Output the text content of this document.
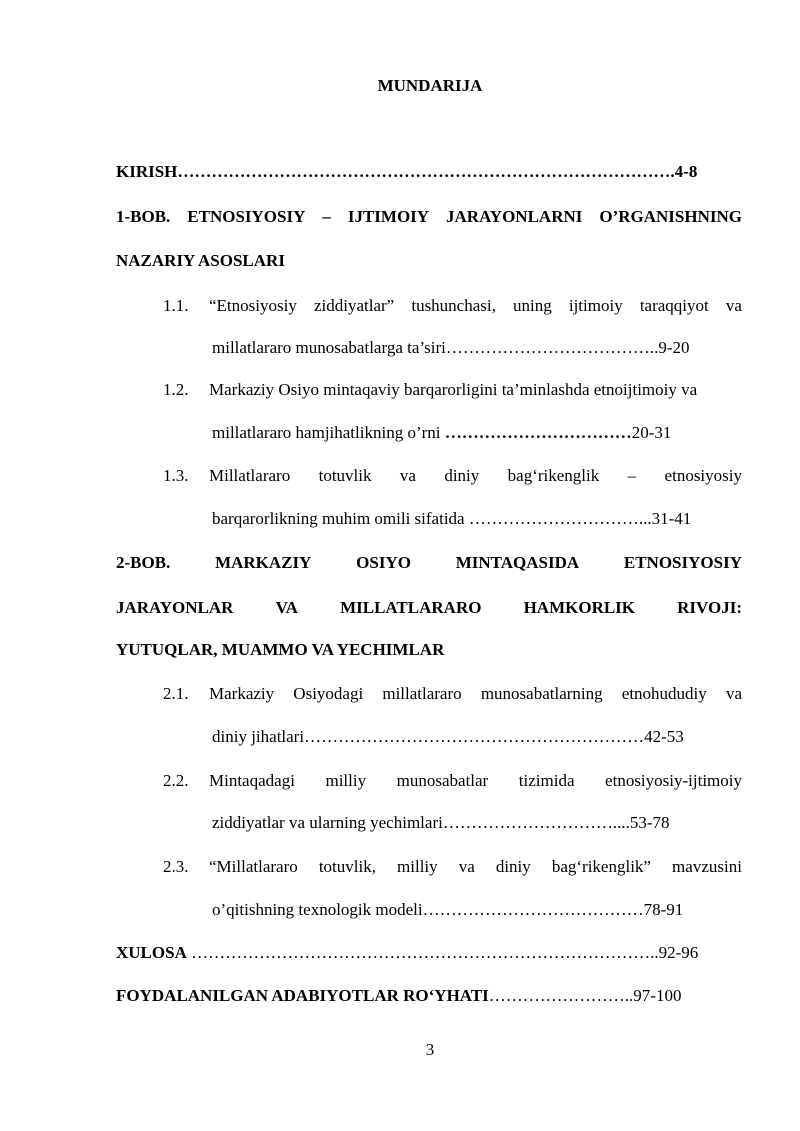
MUNDARIJA
KIRISH…………………………………………………………………………….4-8
1-BOB. ETNOSIYOSIY – IJTIMOIY JARAYONLARNI O’RGANISHNING
NAZARIY ASOSLARI
1.1. “Etnosiyosiy ziddiyatlar” tushunchasi, uning ijtimoiy taraqqiyot va
millatlararo munosabatlarga ta’siri………………………………..9-20
1.2. Markaziy Osiyo mintaqaviy barqarorligini ta’minlashda etnoijtimoiy va
millatlararo hamjihatlikning o’rni ……………………………20-31
1.3. Millatlararo totuvlik va diniy bag‘rikenglik – etnosiyosiy
barqarorlikning muhim omili sifatida …………………………...31-41
2-BOB.	MARKAZIY	OSIYO	MINTAQASIDA	ETNOSIYOSIY
JARAYONLAR VA MILLATLARARO HAMKORLIK RIVOJI:
YUTUQLAR, MUAMMO VA YECHIMLAR
2.1. Markaziy Osiyodagi millatlararo munosabatlarning etnohududiy va
diniy jihatlari……………………………………………………42-53
2.2. Mintaqadagi milliy munosabatlar tizimida etnosiyosiy-ijtimoiy
ziddiyatlar va ularning yechimlari…………………………....53-78
2.3. “Millatlararo totuvlik, milliy va diniy bag‘rikenglik” mavzusini
o’qitishning texnologik modeli…………………………………78-91
XULOSA ………………………………………………………………………..92-96
FOYDALANILGAN ADABIYOTLAR RO‘YHATI……………………..97-100
3
